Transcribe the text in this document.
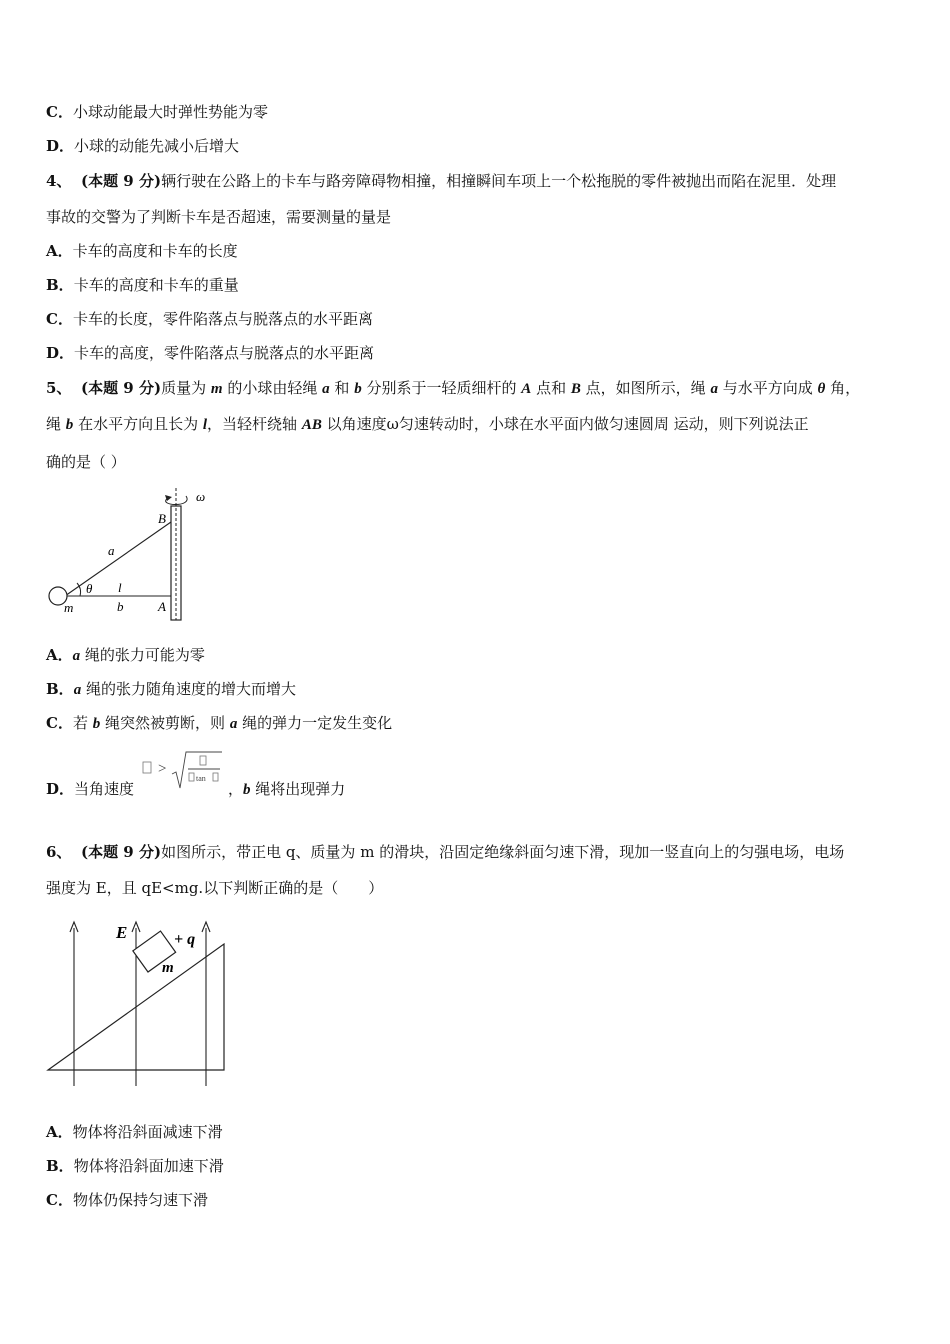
C．小球动能最大时弹性势能为零
D．小球的动能先减小后增大
4、 (本题 9 分)辆行驶在公路上的卡车与路旁障碍物相撞，相撞瞬间车项上一个松拖脱的零件被抛出而陷在泥里．处理
事故的交警为了判断卡车是否超速，需要测量的量是
A．卡车的高度和卡车的长度
B．卡车的高度和卡车的重量
C．卡车的长度，零件陷落点与脱落点的水平距离
D．卡车的高度，零件陷落点与脱落点的水平距离
5、 (本题 9 分)质量为 m 的小球由轻绳 a 和 b 分别系于一轻质细杆的 A 点和 B 点，如图所示，绳 a 与水平方向成 θ 角，
绳 b 在水平方向且长为 l，当轻杆绕轴 AB 以角速度ω匀速转动时，小球在水平面内做匀速圆周 运动，则下列说法正
确的是（ ）
ω
B
a
θ l
m	b	A
A．a 绳的张力可能为零
B．a 绳的张力随角速度的增大而增大
C．若 b 绳突然被剪断，则 a 绳的弹力一定发生变化
D．当角速度
>
tan
，b 绳将出现弹力
6、 (本题 9 分)如图所示，带正电 q、质量为 m 的滑块，沿固定绝缘斜面匀速下滑，现加一竖直向上的匀强电场，电场
强度为 E，且 qE<mg.以下判断正确的是（　　）
m
E	+ q
A．物体将沿斜面减速下滑
B．物体将沿斜面加速下滑
C．物体仍保持匀速下滑
